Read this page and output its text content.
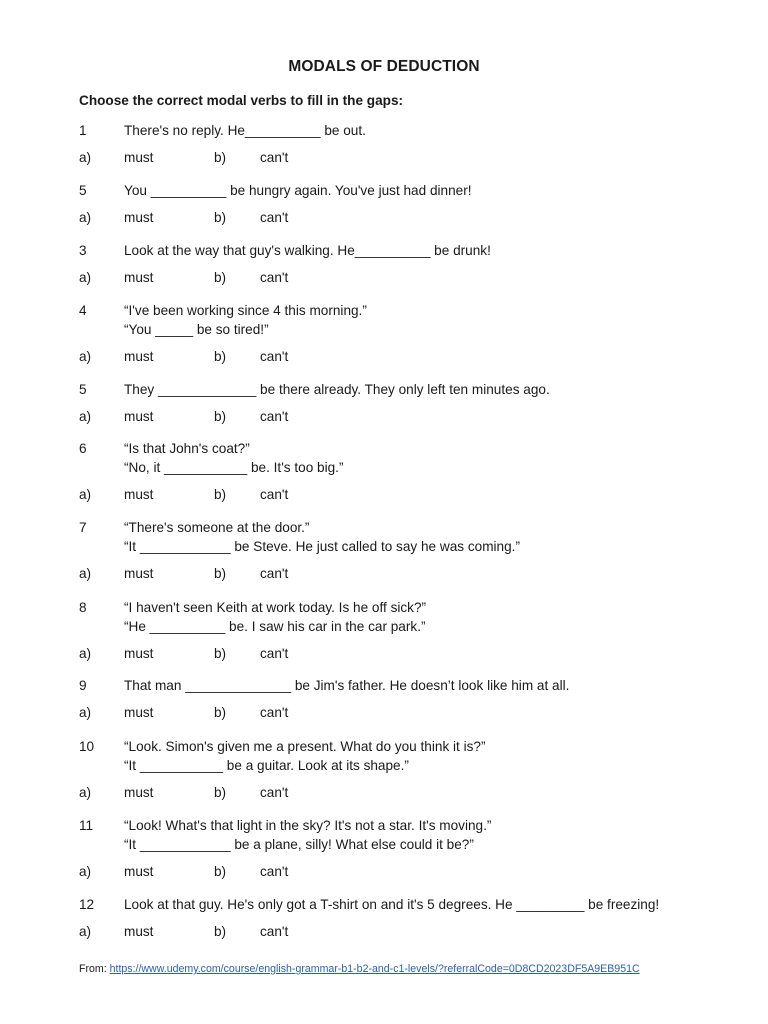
MODALS OF DEDUCTION
Choose the correct modal verbs to fill in the gaps:
1	There's no reply. He__________ be out.
a) must	b) can't
5	You __________ be hungry again. You've just had dinner!
a) must	b) can't
3	Look at the way that guy's walking. He__________ be drunk!
a) must	b) can't
4	“I've been working since 4 this morning.”
“You _____ be so tired!”
a) must	b) can't
5	They _____________ be there already. They only left ten minutes ago.
a) must	b) can't
6	“Is that John's coat?”
“No, it ___________ be. It's too big.”
a) must	b) can't
7	“There's someone at the door.”
“It ____________ be Steve. He just called to say he was coming.”
a) must	b) can't
8	“I haven't seen Keith at work today. Is he off sick?”
“He __________ be. I saw his car in the car park.”
a) must	b) can't
9	That man ______________ be Jim's father. He doesn’t look like him at all.
a) must	b) can't
10 “Look. Simon's given me a present. What do you think it is?”
“It ___________ be a guitar. Look at its shape.”
a) must	b) can't
11 “Look! What's that light in the sky? It's not a star. It's moving.”
“It ____________ be a plane, silly! What else could it be?”
a) must	b) can't
12 Look at that guy. He's only got a T-shirt on and it's 5 degrees. He _________ be freezing!
a) must	b) can't
From: https://www.udemy.com/course/english-grammar-b1-b2-and-c1-levels/?referralCode=0D8CD2023DF5A9EB951C
